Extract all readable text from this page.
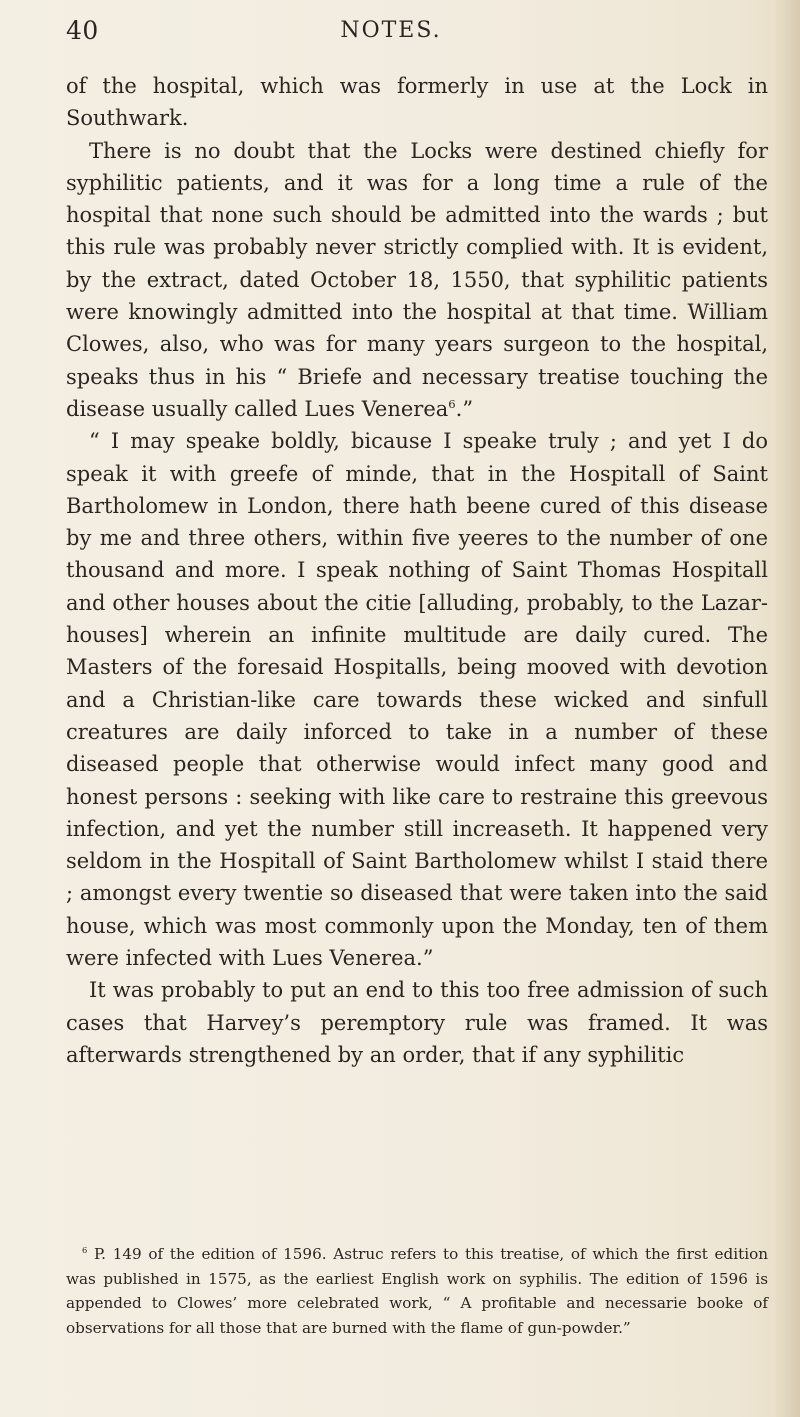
40	NOTES.

of the hospital, which was formerly in use at the Lock in Southwark.

There is no doubt that the Locks were destined chiefly for syphilitic patients, and it was for a long time a rule of the hospital that none such should be admitted into the wards ; but this rule was probably never strictly complied with. It is evident, by the extract, dated October 18, 1550, that syphilitic patients were knowingly admitted into the hospital at that time. William Clowes, also, who was for many years surgeon to the hospital, speaks thus in his “ Briefe and necessary treatise touching the disease usually called Lues Venerea$^6$.”

“ I may speake boldly, bicause I speake truly ; and yet I do speak it with greefe of minde, that in the Hospitall of Saint Bartholomew in London, there hath beene cured of this disease by me and three others, within five yeeres to the number of one thousand and more. I speak nothing of Saint Thomas Hospitall and other houses about the citie [alluding, probably, to the Lazar-houses] wherein an infinite multitude are daily cured. The Masters of the foresaid Hospitalls, being mooved with devotion and a Christian-like care towards these wicked and sinfull creatures are daily inforced to take in a number of these diseased people that otherwise would infect many good and honest persons : seeking with like care to restraine this greevous infection, and yet the number still increaseth. It happened very seldom in the Hospitall of Saint Bartholomew whilst I staid there ; amongst every twentie so diseased that were taken into the said house, which was most commonly upon the Monday, ten of them were infected with Lues Venerea.”

It was probably to put an end to this too free admission of such cases that Harvey’s peremptory rule was framed. It was afterwards strengthened by an order, that if any syphilitic

$^6$ P. 149 of the edition of 1596. Astruc refers to this treatise, of which the first edition was published in 1575, as the earliest English work on syphilis. The edition of 1596 is appended to Clowes’ more celebrated work, “ A profitable and necessarie booke of observations for all those that are burned with the flame of gun-powder.”
